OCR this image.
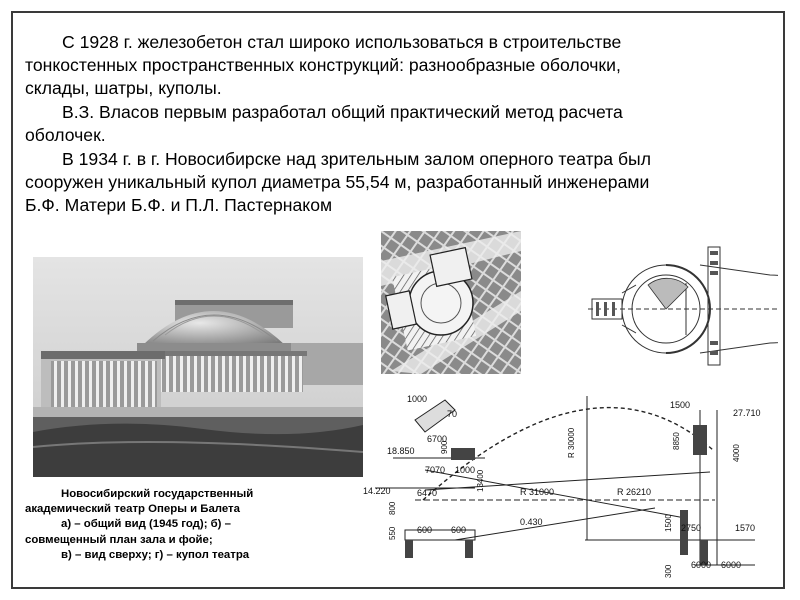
С 1928 г. железобетон стал широко использоваться в строительстве
тонкостенных пространственных конструкций: разнообразные оболочки,
склады, шатры, куполы.

В.З. Власов первым разработал общий практический метод расчета
оболочек.

В 1934 г. в г. Новосибирске над зрительным залом оперного театра был
сооружен уникальный купол диаметра 55,54 м, разработанный инженерами
Б.Ф. Матери Б.Ф. и П.Л. Пастернаком

1000
70
6700
900
18.850
7070 1000
14.220	6470
550
800
600 600
13400
R 30000
R 31000	R 26210
0.430
1500
27.710
8850
4000
2750	1570
1500
300 6000 6000

Новосибирский государственный

академический театр Оперы и Балета

а) – общий вид (1945 год); б) –

совмещенный план зала и фойе;

в) – вид сверху; г) – купол театра
